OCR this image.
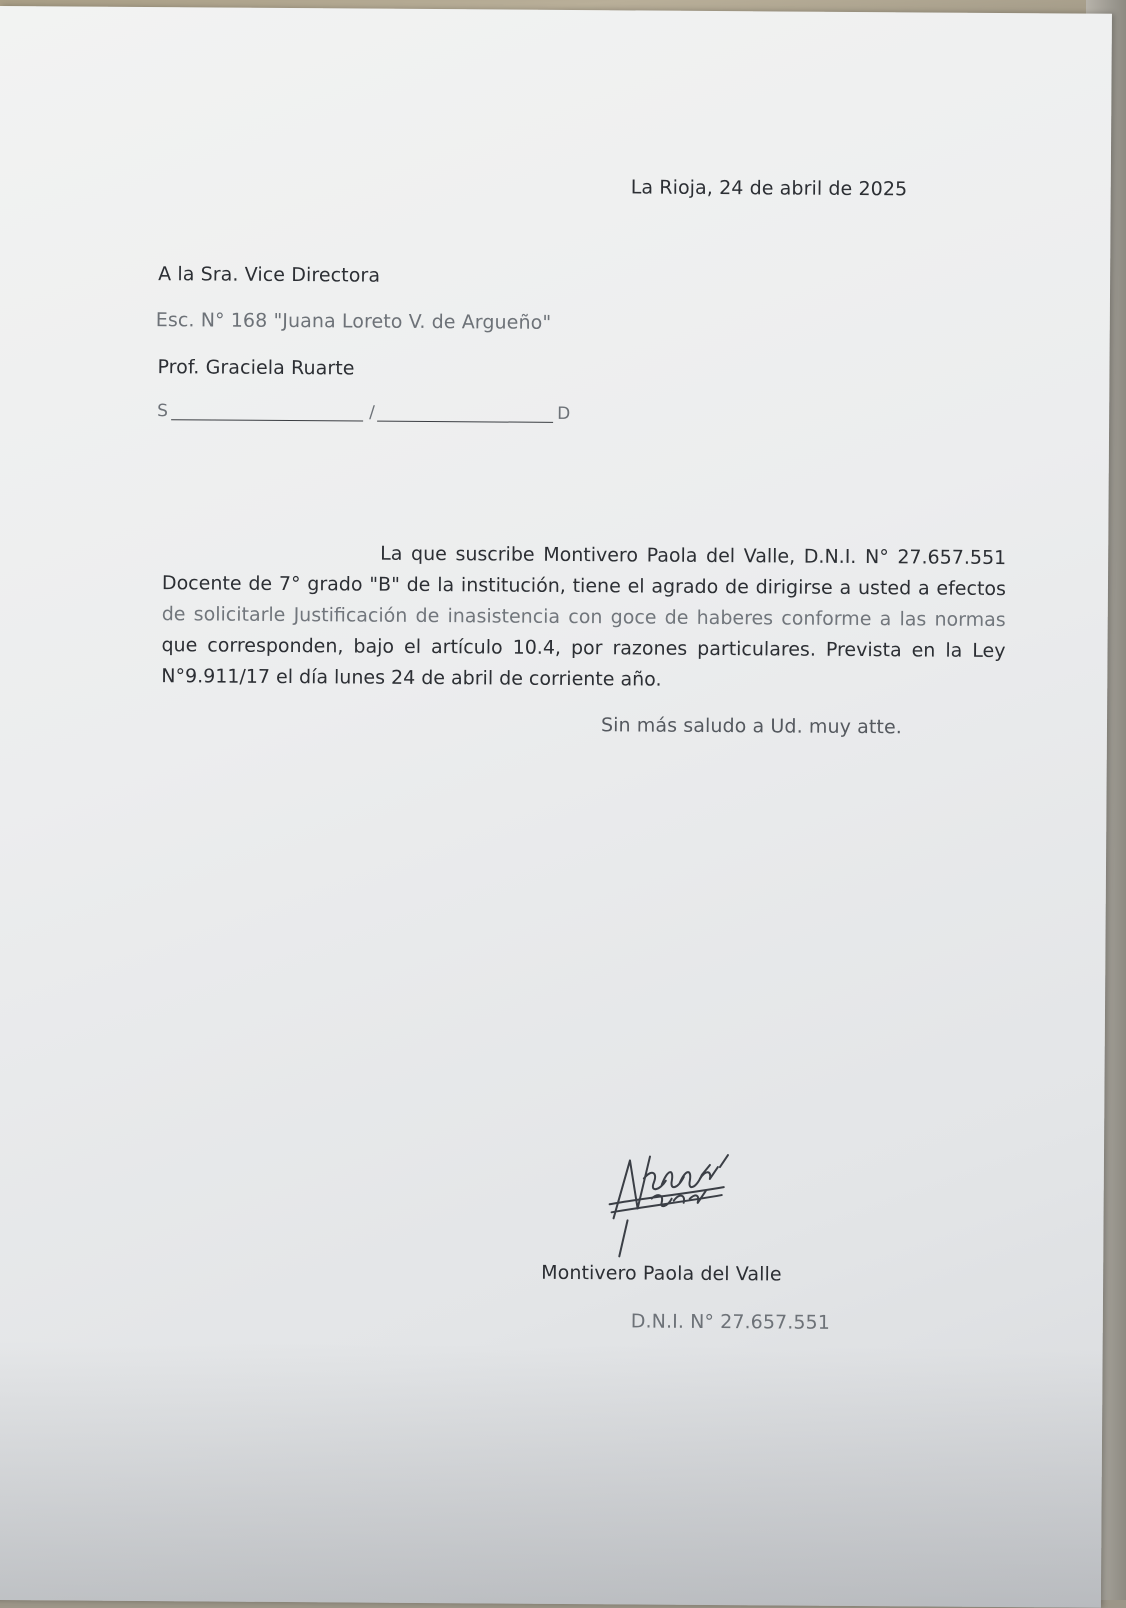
La Rioja, 24 de abril de 2025
A la Sra. Vice Directora
Esc. N° 168 "Juana Loreto V. de Argueño"
Prof. Graciela Ruarte
S	/	D
La que suscribe Montivero Paola del Valle, D.N.I. N° 27.657.551
Docente de 7° grado "B" de la institución, tiene el agrado de dirigirse a usted a efectos
de solicitarle Justificación de inasistencia con goce de haberes conforme a las normas
que corresponden, bajo el artículo 10.4, por razones particulares. Prevista en la Ley
N°9.911/17 el día lunes 24 de abril de corriente año.
Sin más saludo a Ud. muy atte.
Montivero Paola del Valle
D.N.I. N° 27.657.551
